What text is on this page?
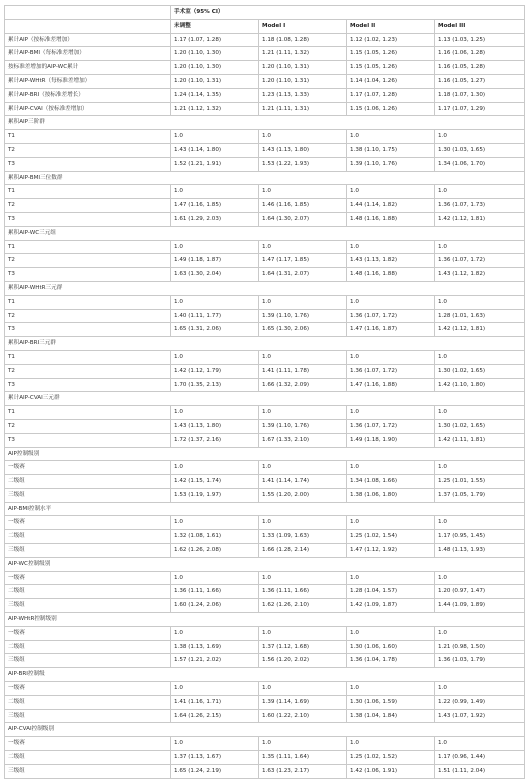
	手术室（95% CI）			
	未调整	Model I	Model II	Model III
累计AIP（按标准差增加）	1.17 (1.07, 1.28)	1.18 (1.08, 1.28)	1.12 (1.02, 1.23)	1.13 (1.03, 1.25)
累计AIP-BMI（每标准差增加）	1.20 (1.10, 1.30)	1.21 (1.11, 1.32)	1.15 (1.05, 1.26)	1.16 (1.06, 1.28)
按标准差增加的AIP-WC累计	1.20 (1.10, 1.30)	1.20 (1.10, 1.31)	1.15 (1.05, 1.26)	1.16 (1.05, 1.28)
累计AIP-WHtR（每标准差增加）	1.20 (1.10, 1.31)	1.20 (1.10, 1.31)	1.14 (1.04, 1.26)	1.16 (1.05, 1.27)
累计AIP-BRI（按标准差增长）	1.24 (1.14, 1.35)	1.23 (1.13, 1.33)	1.17 (1.07, 1.28)	1.18 (1.07, 1.30)
累计AIP-CVAI（按标准差增加）	1.21 (1.12, 1.32)	1.21 (1.11, 1.31)	1.15 (1.06, 1.26)	1.17 (1.07, 1.29)
累积AIP三阶群				
T1	1.0	1.0	1.0	1.0
T2	1.43 (1.14, 1.80)	1.43 (1.13, 1.80)	1.38 (1.10, 1.75)	1.30 (1.03, 1.65)
T3	1.52 (1.21, 1.91)	1.53 (1.22, 1.93)	1.39 (1.10, 1.76)	1.34 (1.06, 1.70)
累积AIP-BMI三位数群				
T1	1.0	1.0	1.0	1.0
T2	1.47 (1.16, 1.85)	1.46 (1.16, 1.85)	1.44 (1.14, 1.82)	1.36 (1.07, 1.73)
T3	1.61 (1.29, 2.03)	1.64 (1.30, 2.07)	1.48 (1.16, 1.88)	1.42 (1.12, 1.81)
累积AIP-WC三元组				
T1	1.0	1.0	1.0	1.0
T2	1.49 (1.18, 1.87)	1.47 (1.17, 1.85)	1.43 (1.13, 1.82)	1.36 (1.07, 1.72)
T3	1.63 (1.30, 2.04)	1.64 (1.31, 2.07)	1.48 (1.16, 1.88)	1.43 (1.12, 1.82)
累积AIP-WHtR三元群				
T1	1.0	1.0	1.0	1.0
T2	1.40 (1.11, 1.77)	1.39 (1.10, 1.76)	1.36 (1.07, 1.72)	1.28 (1.01, 1.63)
T3	1.65 (1.31, 2.06)	1.65 (1.30, 2.06)	1.47 (1.16, 1.87)	1.42 (1.12, 1.81)
累积AIP-BRI三元群				
T1	1.0	1.0	1.0	1.0
T2	1.42 (1.12, 1.79)	1.41 (1.11, 1.78)	1.36 (1.07, 1.72)	1.30 (1.02, 1.65)
T3	1.70 (1.35, 2.13)	1.66 (1.32, 2.09)	1.47 (1.16, 1.88)	1.42 (1.10, 1.80)
累计AIP-CVAI三元群				
T1	1.0	1.0	1.0	1.0
T2	1.43 (1.13, 1.80)	1.39 (1.10, 1.76)	1.36 (1.07, 1.72)	1.30 (1.02, 1.65)
T3	1.72 (1.37, 2.16)	1.67 (1.33, 2.10)	1.49 (1.18, 1.90)	1.42 (1.11, 1.81)
AIP控制级别				
一级赛	1.0	1.0	1.0	1.0
二级组	1.42 (1.15, 1.74)	1.41 (1.14, 1.74)	1.34 (1.08, 1.66)	1.25 (1.01, 1.55)
三级组	1.53 (1.19, 1.97)	1.55 (1.20, 2.00)	1.38 (1.06, 1.80)	1.37 (1.05, 1.79)
AIP-BMI控制水平				
一级赛	1.0	1.0	1.0	1.0
二级组	1.32 (1.08, 1.61)	1.33 (1.09, 1.63)	1.25 (1.02, 1.54)	1.17 (0.95, 1.45)
三级组	1.62 (1.26, 2.08)	1.66 (1.28, 2.14)	1.47 (1.12, 1.92)	1.48 (1.13, 1.93)
AIP-WC控制级别				
一级赛	1.0	1.0	1.0	1.0
二级组	1.36 (1.11, 1.66)	1.36 (1.11, 1.66)	1.28 (1.04, 1.57)	1.20 (0.97, 1.47)
三级组	1.60 (1.24, 2.06)	1.62 (1.26, 2.10)	1.42 (1.09, 1.87)	1.44 (1.09, 1.89)
AIP-WHtR控制级别				
一级赛	1.0	1.0	1.0	1.0
二级组	1.38 (1.13, 1.69)	1.37 (1.12, 1.68)	1.30 (1.06, 1.60)	1.21 (0.98, 1.50)
三级组	1.57 (1.21, 2.02)	1.56 (1.20, 2.02)	1.36 (1.04, 1.78)	1.36 (1.03, 1.79)
AIP-BRI控制级				
一级赛	1.0	1.0	1.0	1.0
二级组	1.41 (1.16, 1.71)	1.39 (1.14, 1.69)	1.30 (1.06, 1.59)	1.22 (0.99, 1.49)
三级组	1.64 (1.26, 2.15)	1.60 (1.22, 2.10)	1.38 (1.04, 1.84)	1.43 (1.07, 1.92)
AIP-CVAI控制级别				
一级赛	1.0	1.0	1.0	1.0
二级组	1.37 (1.13, 1.67)	1.35 (1.11, 1.64)	1.25 (1.02, 1.52)	1.17 (0.96, 1.44)
三级组	1.65 (1.24, 2.19)	1.63 (1.23, 2.17)	1.42 (1.06, 1.91)	1.51 (1.11, 2.04)
